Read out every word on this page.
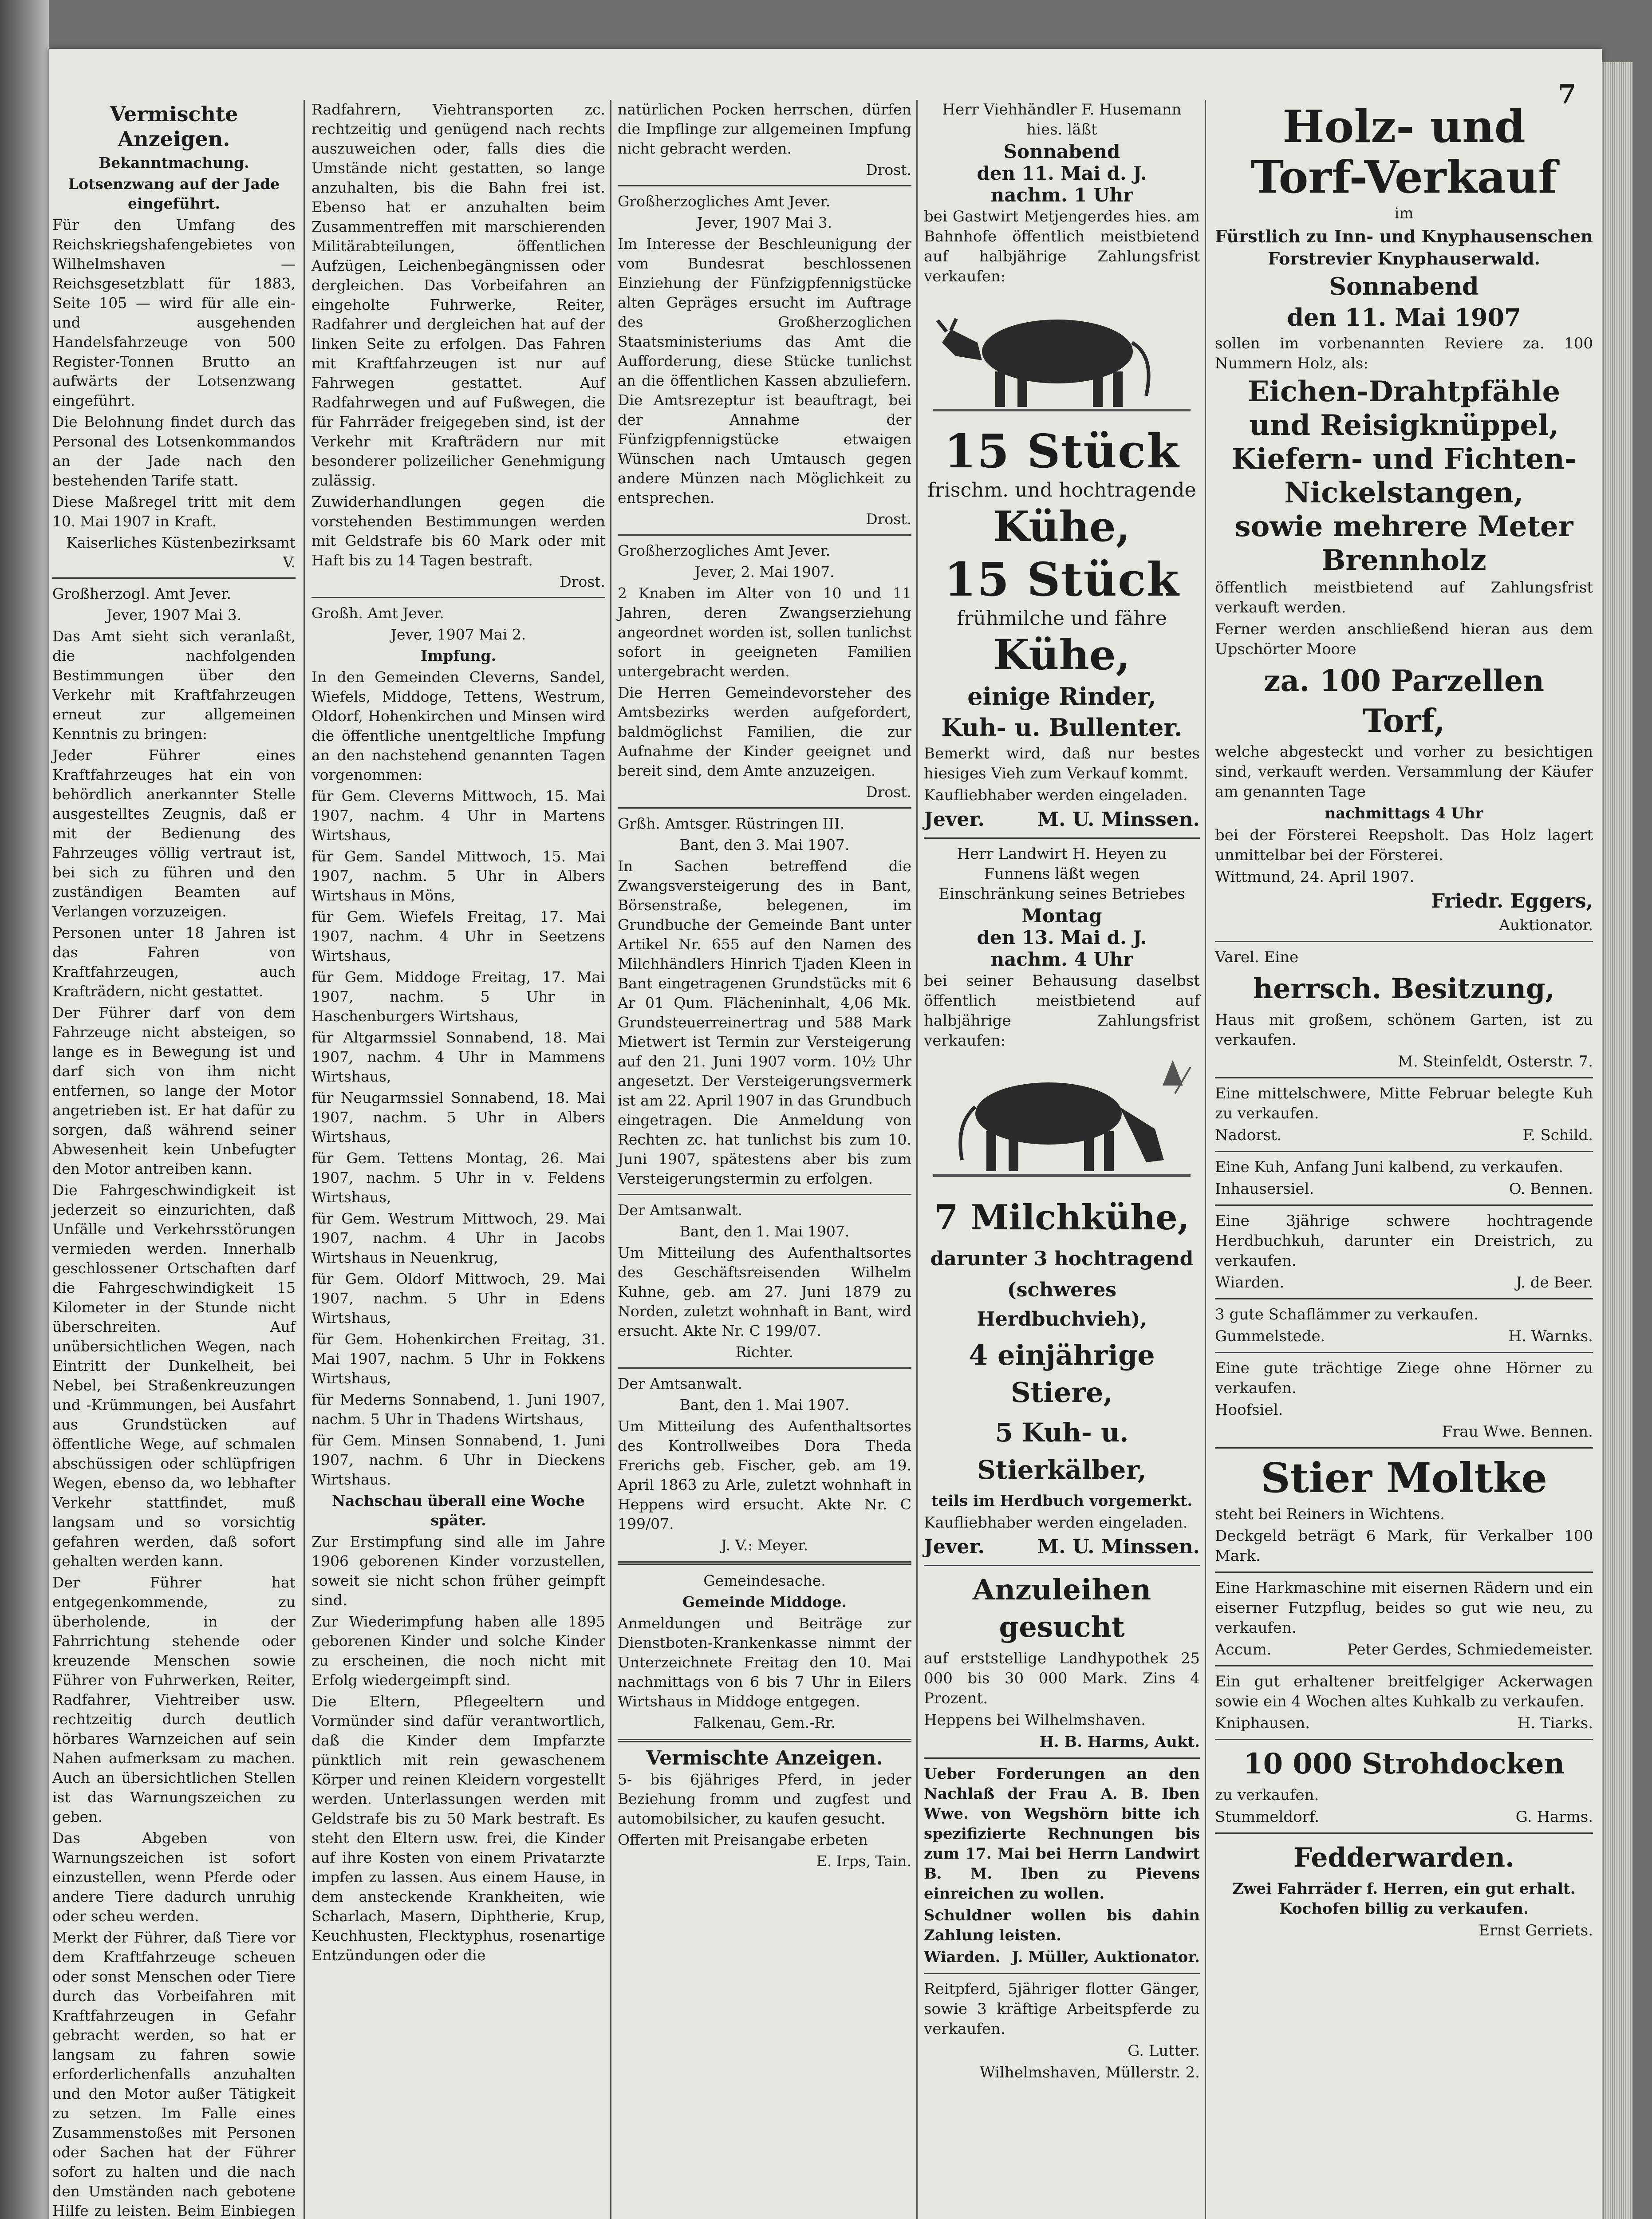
7

Vermischte Anzeigen.

Bekanntmachung.

Lotsenzwang auf der Jade eingeführt.

Für den Umfang des Reichskriegshafengebietes von Wilhelmshaven — Reichsgesetzblatt für 1883, Seite 105 — wird für alle ein- und ausgehenden Handelsfahrzeuge von 500 Register-Tonnen Brutto an aufwärts der Lotsenzwang eingeführt.

Die Belohnung findet durch das Personal des Lotsenkommandos an der Jade nach den bestehenden Tarife statt.

Diese Maßregel tritt mit dem 10. Mai 1907 in Kraft.

Kaiserliches Küstenbezirksamt V.

Großherzogl. Amt Jever.

Jever, 1907 Mai 3.

Das Amt sieht sich veranlaßt, die nachfolgenden Bestimmungen über den Verkehr mit Kraftfahrzeugen erneut zur allgemeinen Kenntnis zu bringen:

Jeder Führer eines Kraftfahrzeuges hat ein von behördlich anerkannter Stelle ausgestelltes Zeugnis, daß er mit der Bedienung des Fahrzeuges völlig vertraut ist, bei sich zu führen und den zuständigen Beamten auf Verlangen vorzuzeigen.

Personen unter 18 Jahren ist das Fahren von Kraftfahrzeugen, auch Krafträdern, nicht gestattet.

Der Führer darf von dem Fahrzeuge nicht absteigen, so lange es in Bewegung ist und darf sich von ihm nicht entfernen, so lange der Motor angetrieben ist. Er hat dafür zu sorgen, daß während seiner Abwesenheit kein Unbefugter den Motor antreiben kann.

Die Fahrgeschwindigkeit ist jederzeit so einzurichten, daß Unfälle und Verkehrsstörungen vermieden werden. Innerhalb geschlossener Ortschaften darf die Fahrgeschwindigkeit 15 Kilometer in der Stunde nicht überschreiten. Auf unübersichtlichen Wegen, nach Eintritt der Dunkelheit, bei Nebel, bei Straßenkreuzungen und -Krümmungen, bei Ausfahrt aus Grundstücken auf öffentliche Wege, auf schmalen abschüssigen oder schlüpfrigen Wegen, ebenso da, wo lebhafter Verkehr stattfindet, muß langsam und so vorsichtig gefahren werden, daß sofort gehalten werden kann.

Der Führer hat entgegenkommende, zu überholende, in der Fahrrichtung stehende oder kreuzende Menschen sowie Führer von Fuhrwerken, Reiter, Radfahrer, Viehtreiber usw. rechtzeitig durch deutlich hörbares Warnzeichen auf sein Nahen aufmerksam zu machen. Auch an übersichtlichen Stellen ist das Warnungszeichen zu geben.

Das Abgeben von Warnungszeichen ist sofort einzustellen, wenn Pferde oder andere Tiere dadurch unruhig oder scheu werden.

Merkt der Führer, daß Tiere vor dem Kraftfahrzeuge scheuen oder sonst Menschen oder Tiere durch das Vorbeifahren mit Kraftfahrzeugen in Gefahr gebracht werden, so hat er langsam zu fahren sowie erforderlichenfalls anzuhalten und den Motor außer Tätigkeit zu setzen. Im Falle eines Zusammenstoßes mit Personen oder Sachen hat der Führer sofort zu halten und die nach den Umständen nach gebotene Hilfe zu leisten. Beim Einbiegen

Radfahrern, Viehtransporten zc. rechtzeitig und genügend nach rechts auszuweichen oder, falls dies die Umstände nicht gestatten, so lange anzuhalten, bis die Bahn frei ist. Ebenso hat er anzuhalten beim Zusammentreffen mit marschierenden Militärabteilungen, öffentlichen Aufzügen, Leichenbegängnissen oder dergleichen. Das Vorbeifahren an eingeholte Fuhrwerke, Reiter, Radfahrer und dergleichen hat auf der linken Seite zu erfolgen. Das Fahren mit Kraftfahrzeugen ist nur auf Fahrwegen gestattet. Auf Radfahrwegen und auf Fußwegen, die für Fahrräder freigegeben sind, ist der Verkehr mit Krafträdern nur mit besonderer polizeilicher Genehmigung zulässig.

Zuwiderhandlungen gegen die vorstehenden Bestimmungen werden mit Geldstrafe bis 60 Mark oder mit Haft bis zu 14 Tagen bestraft.

Drost.

Großh. Amt Jever.

Jever, 1907 Mai 2.

Impfung.

In den Gemeinden Cleverns, Sandel, Wiefels, Middoge, Tettens, Westrum, Oldorf, Hohenkirchen und Minsen wird die öffentliche unentgeltliche Impfung an den nachstehend genannten Tagen vorgenommen:

für Gem. Cleverns Mittwoch, 15. Mai 1907, nachm. 4 Uhr in Martens Wirtshaus,

für Gem. Sandel Mittwoch, 15. Mai 1907, nachm. 5 Uhr in Albers Wirtshaus in Möns,

für Gem. Wiefels Freitag, 17. Mai 1907, nachm. 4 Uhr in Seetzens Wirtshaus,

für Gem. Middoge Freitag, 17. Mai 1907, nachm. 5 Uhr in Haschenburgers Wirtshaus,

für Altgarmssiel Sonnabend, 18. Mai 1907, nachm. 4 Uhr in Mammens Wirtshaus,

für Neugarmssiel Sonnabend, 18. Mai 1907, nachm. 5 Uhr in Albers Wirtshaus,

für Gem. Tettens Montag, 26. Mai 1907, nachm. 5 Uhr in v. Feldens Wirtshaus,

für Gem. Westrum Mittwoch, 29. Mai 1907, nachm. 4 Uhr in Jacobs Wirtshaus in Neuenkrug,

für Gem. Oldorf Mittwoch, 29. Mai 1907, nachm. 5 Uhr in Edens Wirtshaus,

für Gem. Hohenkirchen Freitag, 31. Mai 1907, nachm. 5 Uhr in Fokkens Wirtshaus,

für Mederns Sonnabend, 1. Juni 1907, nachm. 5 Uhr in Thadens Wirtshaus,

für Gem. Minsen Sonnabend, 1. Juni 1907, nachm. 6 Uhr in Dieckens Wirtshaus.

Nachschau überall eine Woche später.

Zur Erstimpfung sind alle im Jahre 1906 geborenen Kinder vorzustellen, soweit sie nicht schon früher geimpft sind.

Zur Wiederimpfung haben alle 1895 geborenen Kinder und solche Kinder zu erscheinen, die noch nicht mit Erfolg wiedergeimpft sind.

Die Eltern, Pflegeeltern und Vormünder sind dafür verantwortlich, daß die Kinder dem Impfarzte pünktlich mit rein gewaschenem Körper und reinen Kleidern vorgestellt werden. Unterlassungen werden mit Geldstrafe bis zu 50 Mark bestraft. Es steht den Eltern usw. frei, die Kinder auf ihre Kosten von einem Privatarzte impfen zu lassen. Aus einem Hause, in dem ansteckende Krankheiten, wie Scharlach, Masern, Diphtherie, Krup, Keuchhusten, Flecktyphus, rosenartige Entzündungen oder die

natürlichen Pocken herrschen, dürfen die Impflinge zur allgemeinen Impfung nicht gebracht werden.

Drost.

Großherzogliches Amt Jever.

Jever, 1907 Mai 3.

Im Interesse der Beschleunigung der vom Bundesrat beschlossenen Einziehung der Fünfzigpfennigstücke alten Gepräges ersucht im Auftrage des Großherzoglichen Staatsministeriums das Amt die Aufforderung, diese Stücke tunlichst an die öffentlichen Kassen abzuliefern. Die Amtsrezeptur ist beauftragt, bei der Annahme der Fünfzigpfennigstücke etwaigen Wünschen nach Umtausch gegen andere Münzen nach Möglichkeit zu entsprechen.

Drost.

Großherzogliches Amt Jever.

Jever, 2. Mai 1907.

2 Knaben im Alter von 10 und 11 Jahren, deren Zwangserziehung angeordnet worden ist, sollen tunlichst sofort in geeigneten Familien untergebracht werden.

Die Herren Gemeindevorsteher des Amtsbezirks werden aufgefordert, baldmöglichst Familien, die zur Aufnahme der Kinder geeignet und bereit sind, dem Amte anzuzeigen.

Drost.

Grßh. Amtsger. Rüstringen III.

Bant, den 3. Mai 1907.

In Sachen betreffend die Zwangsversteigerung des in Bant, Börsenstraße, belegenen, im Grundbuche der Gemeinde Bant unter Artikel Nr. 655 auf den Namen des Milchhändlers Hinrich Tjaden Kleen in Bant eingetragenen Grundstücks mit 6 Ar 01 Qum. Flächeninhalt, 4,06 Mk. Grundsteuerreinertrag und 588 Mark Mietwert ist Termin zur Versteigerung auf den 21. Juni 1907 vorm. 10½ Uhr angesetzt. Der Versteigerungsvermerk ist am 22. April 1907 in das Grundbuch eingetragen. Die Anmeldung von Rechten zc. hat tunlichst bis zum 10. Juni 1907, spätestens aber bis zum Versteigerungstermin zu erfolgen.

Der Amtsanwalt.

Bant, den 1. Mai 1907.

Um Mitteilung des Aufenthaltsortes des Geschäftsreisenden Wilhelm Kuhne, geb. am 27. Juni 1879 zu Norden, zuletzt wohnhaft in Bant, wird ersucht. Akte Nr. C 199/07.

Richter.

Der Amtsanwalt.

Bant, den 1. Mai 1907.

Um Mitteilung des Aufenthaltsortes des Kontrollweibes Dora Theda Frerichs geb. Fischer, geb. am 19. April 1863 zu Arle, zuletzt wohnhaft in Heppens wird ersucht. Akte Nr. C 199/07.

J. V.: Meyer.

Gemeindesache.

Gemeinde Middoge.

Anmeldungen und Beiträge zur Dienstboten-Krankenkasse nimmt der Unterzeichnete Freitag den 10. Mai nachmittags von 6 bis 7 Uhr in Eilers Wirtshaus in Middoge entgegen.

Falkenau, Gem.-Rr.

Vermischte Anzeigen.

5- bis 6jähriges Pferd, in jeder Beziehung fromm und zugfest und automobilsicher, zu kaufen gesucht.

Offerten mit Preisangabe erbeten

E. Irps, Tain.

Herr Viehhändler F. Husemann hies. läßt

Sonnabend

den 11. Mai d. J.

nachm. 1 Uhr

bei Gastwirt Metjengerdes hies. am Bahnhofe öffentlich meistbietend auf halbjährige Zahlungsfrist verkaufen:

15 Stück

frischm. und hochtragende

Kühe,

15 Stück

frühmilche und fähre

Kühe,

einige Rinder,

Kuh- u. Bullenter.

Bemerkt wird, daß nur bestes hiesiges Vieh zum Verkauf kommt.

Kaufliebhaber werden eingeladen.

Jever.	M. U. Minssen.

Herr Landwirt H. Heyen zu Funnens läßt wegen Einschränkung seines Betriebes

Montag

den 13. Mai d. J.

nachm. 4 Uhr

bei seiner Behausung daselbst öffentlich meistbietend auf halbjährige Zahlungsfrist verkaufen:

7 Milchkühe,

darunter 3 hochtragend

(schweres Herdbuchvieh),

4 einjährige Stiere,

5 Kuh- u. Stierkälber,

teils im Herdbuch vorgemerkt.

Kaufliebhaber werden eingeladen.

Jever.	M. U. Minssen.

Anzuleihen gesucht

auf erststellige Landhypothek 25 000 bis 30 000 Mark. Zins 4 Prozent.

Heppens bei Wilhelmshaven.

H. B. Harms, Aukt.

Ueber Forderungen an den Nachlaß der Frau A. B. Iben Wwe. von Wegshörn bitte ich spezifizierte Rechnungen bis zum 17. Mai bei Herrn Landwirt B. M. Iben zu Pievens einreichen zu wollen.

Schuldner wollen bis dahin Zahlung leisten.

Wiarden. J. Müller, Auktionator.

Reitpferd, 5jähriger flotter Gänger, sowie 3 kräftige Arbeitspferde zu verkaufen.

G. Lutter.

Wilhelmshaven, Müllerstr. 2.

Holz- und

Torf-Verkauf

im

Fürstlich zu Inn- und Knyphausenschen Forstrevier Knyphauserwald.

Sonnabend

den 11. Mai 1907

sollen im vorbenannten Reviere za. 100 Nummern Holz, als:

Eichen-Drahtpfähle

und Reisigknüppel,

Kiefern- und Fichten-

Nickelstangen,

sowie mehrere Meter

Brennholz

öffentlich meistbietend auf Zahlungsfrist verkauft werden.

Ferner werden anschließend hieran aus dem Upschörter Moore

za. 100 Parzellen

Torf,

welche abgesteckt und vorher zu besichtigen sind, verkauft werden. Versammlung der Käufer am genannten Tage

nachmittags 4 Uhr

bei der Försterei Reepsholt. Das Holz lagert unmittelbar bei der Försterei.

Wittmund, 24. April 1907.

Friedr. Eggers,

Auktionator.

Varel. Eine

herrsch. Besitzung,

Haus mit großem, schönem Garten, ist zu verkaufen.

M. Steinfeldt, Osterstr. 7.

Eine mittelschwere, Mitte Februar belegte Kuh zu verkaufen.

Nadorst.	F. Schild.

Eine Kuh, Anfang Juni kalbend, zu verkaufen.

Inhausersiel.	O. Bennen.

Eine 3jährige schwere hochtragende Herdbuchkuh, darunter ein Dreistrich, zu verkaufen.

Wiarden.	J. de Beer.

3 gute Schaflämmer zu verkaufen.

Gummelstede.	H. Warnks.

Eine gute trächtige Ziege ohne Hörner zu verkaufen.

Hoofsiel.

Frau Wwe. Bennen.

Stier Moltke

steht bei Reiners in Wichtens.

Deckgeld beträgt 6 Mark, für Verkalber 100 Mark.

Eine Harkmaschine mit eisernen Rädern und ein eiserner Futzpflug, beides so gut wie neu, zu verkaufen.

Accum.	Peter Gerdes, Schmiedemeister.

Ein gut erhaltener breitfelgiger Ackerwagen sowie ein 4 Wochen altes Kuhkalb zu verkaufen.

Kniphausen.	H. Tiarks.

10 000 Strohdocken

zu verkaufen.

Stummeldorf.	G. Harms.

Fedderwarden.

Zwei Fahrräder f. Herren, ein gut erhalt. Kochofen billig zu verkaufen.

Ernst Gerriets.
